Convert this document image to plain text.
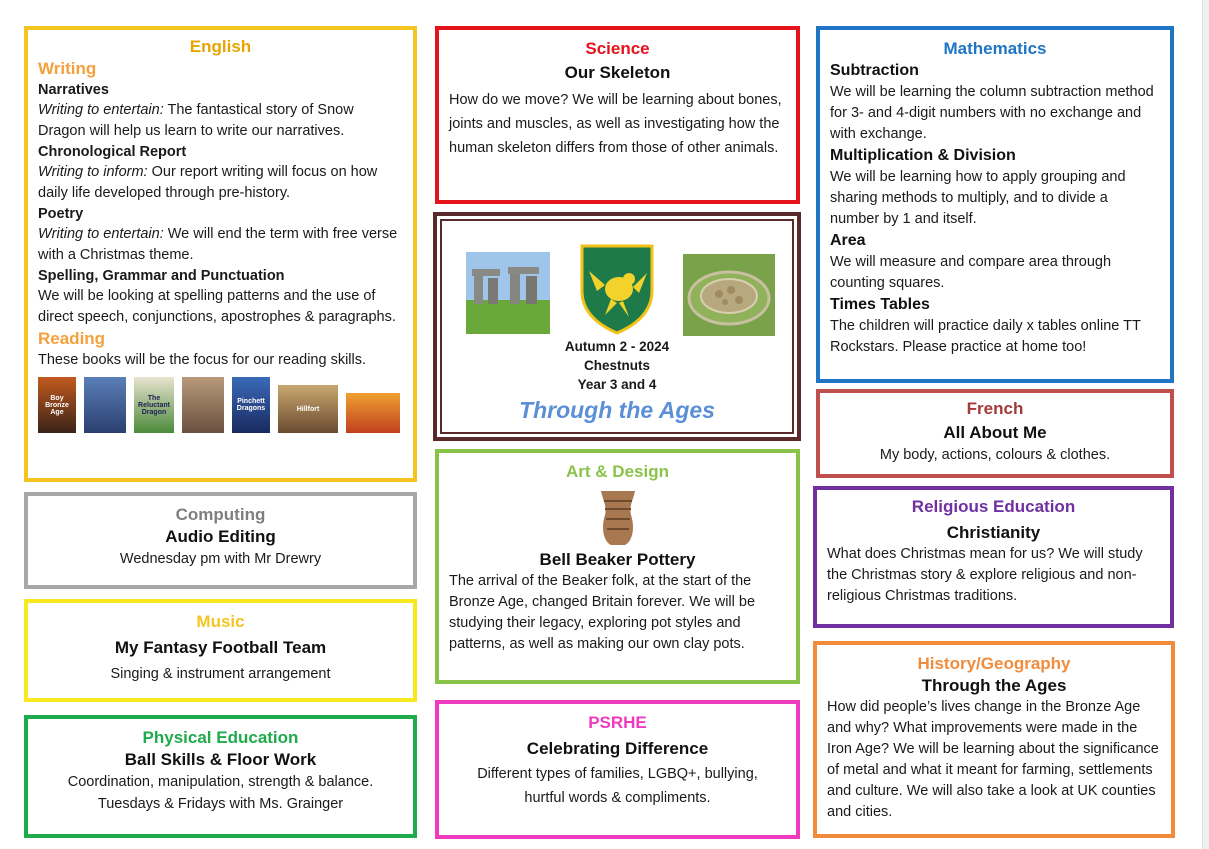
English
Writing
Narratives
Writing to entertain: The fantastical story of Snow Dragon will help us learn to write our narratives.
Chronological Report
Writing to inform: Our report writing will focus on how daily life developed through pre-history.
Poetry
Writing to entertain: We will end the term with free verse with a Christmas theme.
Spelling, Grammar and Punctuation
We will be looking at spelling patterns and the use of direct speech, conjunctions, apostrophes & paragraphs.
Reading
These books will be the focus for our reading skills.
Boy Bronze Age
The Reluctant Dragon
Pinchett Dragons	Hillfort
Computing
Audio Editing
Wednesday pm with Mr Drewry
Music
My Fantasy Football Team
Singing & instrument arrangement
Physical Education
Ball Skills & Floor Work
Coordination, manipulation, strength & balance.
Tuesdays & Fridays with Ms. Grainger
Science
Our Skeleton
How do we move? We will be learning about bones, joints and muscles, as well as investigating how the human skeleton differs from those of other animals.
Autumn 2 - 2024
Chestnuts
Year 3 and 4
Through the Ages
Art & Design
Bell Beaker Pottery
The arrival of the Beaker folk, at the start of the Bronze Age, changed Britain forever. We will be studying their legacy, exploring pot styles and patterns, as well as making our own clay pots.
PSRHE
Celebrating Difference
Different types of families, LGBQ+, bullying,
hurtful words & compliments.
Mathematics
Subtraction
We will be learning the column subtraction method for 3- and 4-digit numbers with no exchange and with exchange.
Multiplication & Division
We will be learning how to apply grouping and sharing methods to multiply, and to divide a number by 1 and itself.
Area
We will measure and compare area through counting squares.
Times Tables
The children will practice daily x tables online TT Rockstars. Please practice at home too!
French
All About Me
My body, actions, colours & clothes.
Religious Education
Christianity
What does Christmas mean for us? We will study the Christmas story & explore religious and non-religious Christmas traditions.
History/Geography
Through the Ages
How did people’s lives change in the Bronze Age and why? What improvements were made in the Iron Age? We will be learning about the significance of metal and what it meant for farming, settlements and culture. We will also take a look at UK counties and cities.
